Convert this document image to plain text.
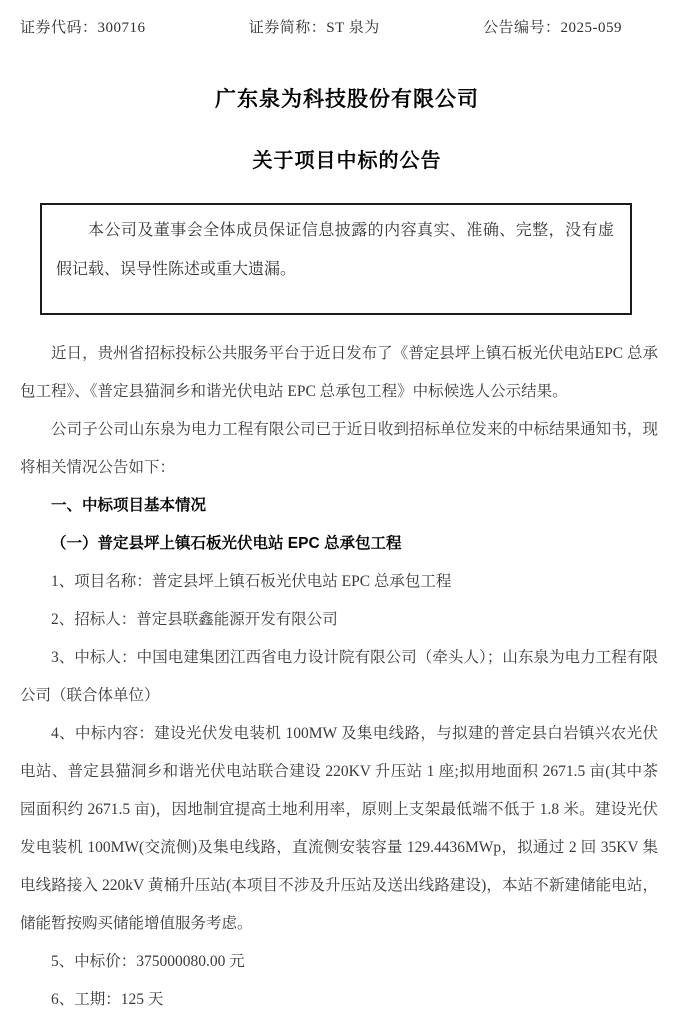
证券代码：300716	证券简称：ST 泉为	公告编号：2025-059
广东泉为科技股份有限公司
关于项目中标的公告

本公司及董事会全体成员保证信息披露的内容真实、准确、完整，没有虚假记载、误导性陈述或重大遗漏。

近日，贵州省招标投标公共服务平台于近日发布了《普定县坪上镇石板光伏电站EPC 总承包工程》、《普定县猫洞乡和谐光伏电站 EPC 总承包工程》中标候选人公示结果。

公司子公司山东泉为电力工程有限公司已于近日收到招标单位发来的中标结果通知书，现将相关情况公告如下：

一、中标项目基本情况

（一）普定县坪上镇石板光伏电站 EPC 总承包工程

1、项目名称：普定县坪上镇石板光伏电站 EPC 总承包工程

2、招标人：普定县联鑫能源开发有限公司

3、中标人：中国电建集团江西省电力设计院有限公司（牵头人）；山东泉为电力工程有限公司（联合体单位）

4、中标内容：建设光伏发电装机 100MW 及集电线路，与拟建的普定县白岩镇兴农光伏电站、普定县猫洞乡和谐光伏电站联合建设 220KV 升压站 1 座;拟用地面积 2671.5 亩(其中茶园面积约 2671.5 亩)，因地制宜提高土地利用率，原则上支架最低端不低于 1.8 米。建设光伏发电装机 100MW(交流侧)及集电线路，直流侧安装容量 129.4436MWp，拟通过 2 回 35KV 集电线路接入 220kV 黄桶升压站(本项目不涉及升压站及送出线路建设)，本站不新建储能电站，储能暂按购买储能增值服务考虑。

5、中标价：375000080.00 元

6、工期：125 天
